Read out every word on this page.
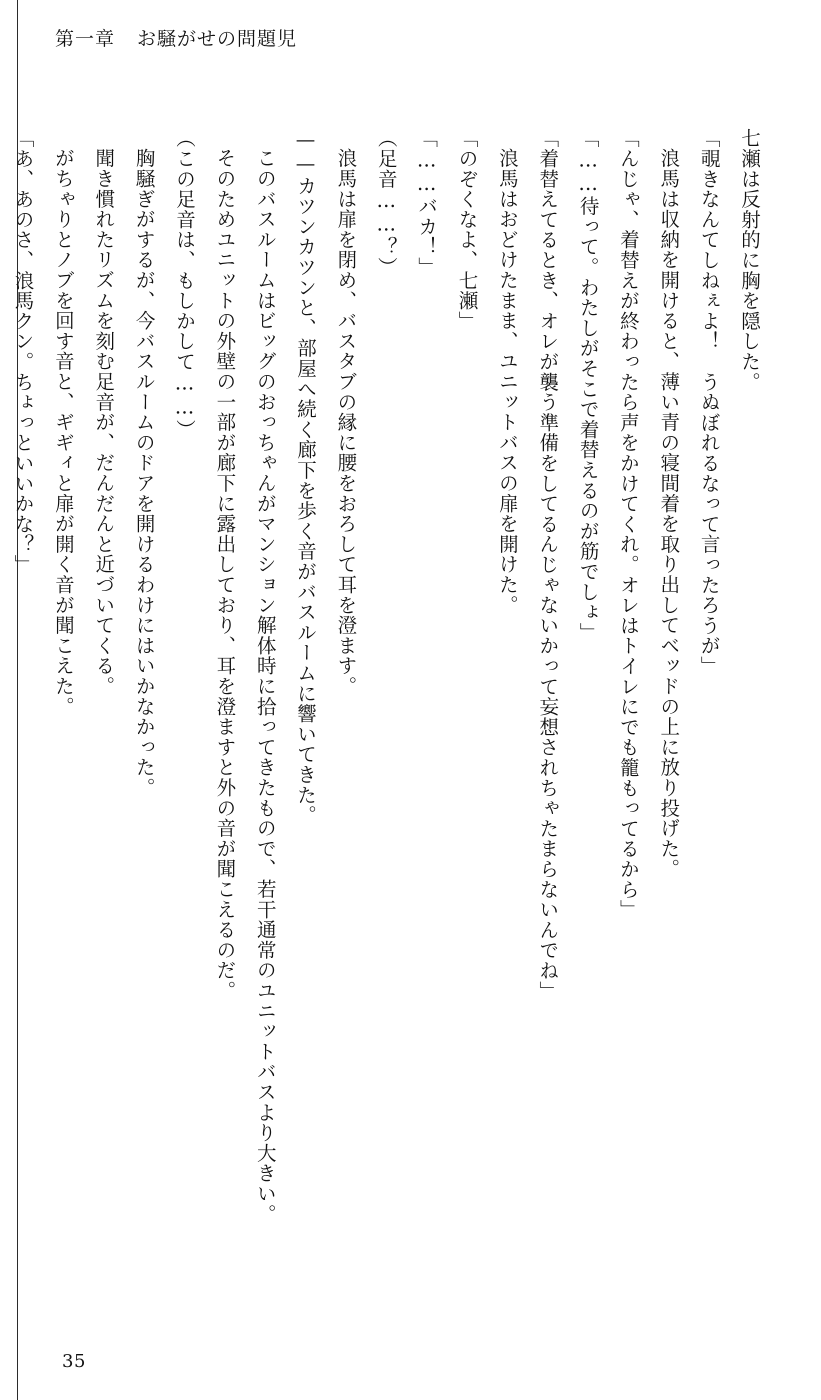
第一章 お騒がせの問題児

七瀬は反射的に胸を隠した。

「覗きなんてしねぇよ！　うぬぼれるなって言ったろうが」

浪馬は収納を開けると、薄い青の寝間着を取り出してベッドの上に放り投げた。

「んじゃ、着替えが終わったら声をかけてくれ。オレはトイレにでも籠もってるから」

「……待って。わたしがそこで着替えるのが筋でしょ」

「着替えてるとき、オレが襲う準備をしてるんじゃないかって妄想されちゃたまらないんでね」

浪馬はおどけたまま、ユニットバスの扉を開けた。

「のぞくなよ、七瀬」

「……バカ！」

（足音……？）

浪馬は扉を閉め、バスタブの縁に腰をおろして耳を澄ます。

——カツンカツンと、部屋へ続く廊下を歩く音がバスルームに響いてきた。

このバスルームはビッグのおっちゃんがマンション解体時に拾ってきたもので、若干通常のユニットバスより大きい。

そのためユニットの外壁の一部が廊下に露出しており、耳を澄ますと外の音が聞こえるのだ。

（この足音は、もしかして……）

胸騒ぎがするが、今バスルームのドアを開けるわけにはいかなかった。

聞き慣れたリズムを刻む足音が、だんだんと近づいてくる。

がちゃりとノブを回す音と、ギギィと扉が開く音が聞こえた。

「あ、あのさ、浪馬クン。ちょっといいかな？」

35
